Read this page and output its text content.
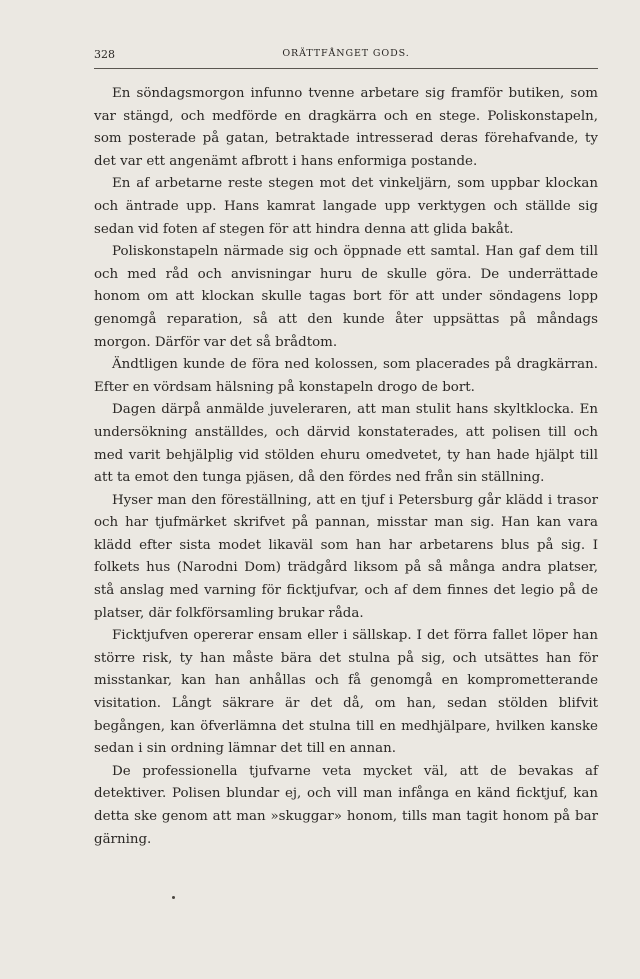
328	ORÄTTFÅNGET GODS.

En söndagsmorgon infunno tvenne arbetare sig framför butiken, som var stängd, och medförde en dragkärra och en stege. Poliskonstapeln, som posterade på gatan, betraktade intresserad deras förehafvande, ty det var ett angenämt afbrott i hans enformiga postande.

En af arbetarne reste stegen mot det vinkeljärn, som uppbar klockan och äntrade upp. Hans kamrat langade upp verktygen och ställde sig sedan vid foten af stegen för att hindra denna att glida bakåt.

Poliskonstapeln närmade sig och öppnade ett samtal. Han gaf dem till och med råd och anvisningar huru de skulle göra. De underrättade honom om att klockan skulle tagas bort för att under söndagens lopp genomgå reparation, så att den kunde åter uppsättas på måndags morgon. Därför var det så brådtom.

Ändtligen kunde de föra ned kolossen, som placerades på dragkärran. Efter en vördsam hälsning på konstapeln drogo de bort.

Dagen därpå anmälde juveleraren, att man stulit hans skyltklocka. En undersökning anställdes, och därvid konstaterades, att polisen till och med varit behjälplig vid stölden ehuru omedvetet, ty han hade hjälpt till att ta emot den tunga pjäsen, då den fördes ned från sin ställning.

Hyser man den föreställning, att en tjuf i Petersburg går klädd i trasor och har tjufmärket skrifvet på pannan, misstar man sig. Han kan vara klädd efter sista modet likaväl som han har arbetarens blus på sig. I folkets hus (Narodni Dom) trädgård liksom på så många andra platser, stå anslag med varning för ficktjufvar, och af dem finnes det legio på de platser, där folkförsamling brukar råda.

Ficktjufven opererar ensam eller i sällskap. I det förra fallet löper han större risk, ty han måste bära det stulna på sig, och utsättes han för misstankar, kan han anhållas och få genomgå en komprometterande visitation. Långt säkrare är det då, om han, sedan stölden blifvit begången, kan öfverlämna det stulna till en medhjälpare, hvilken kanske sedan i sin ordning lämnar det till en annan.

De professionella tjufvarne veta mycket väl, att de bevakas af detektiver. Polisen blundar ej, och vill man infånga en känd ficktjuf, kan detta ske genom att man »skuggar» honom, tills man tagit honom på bar gärning.
